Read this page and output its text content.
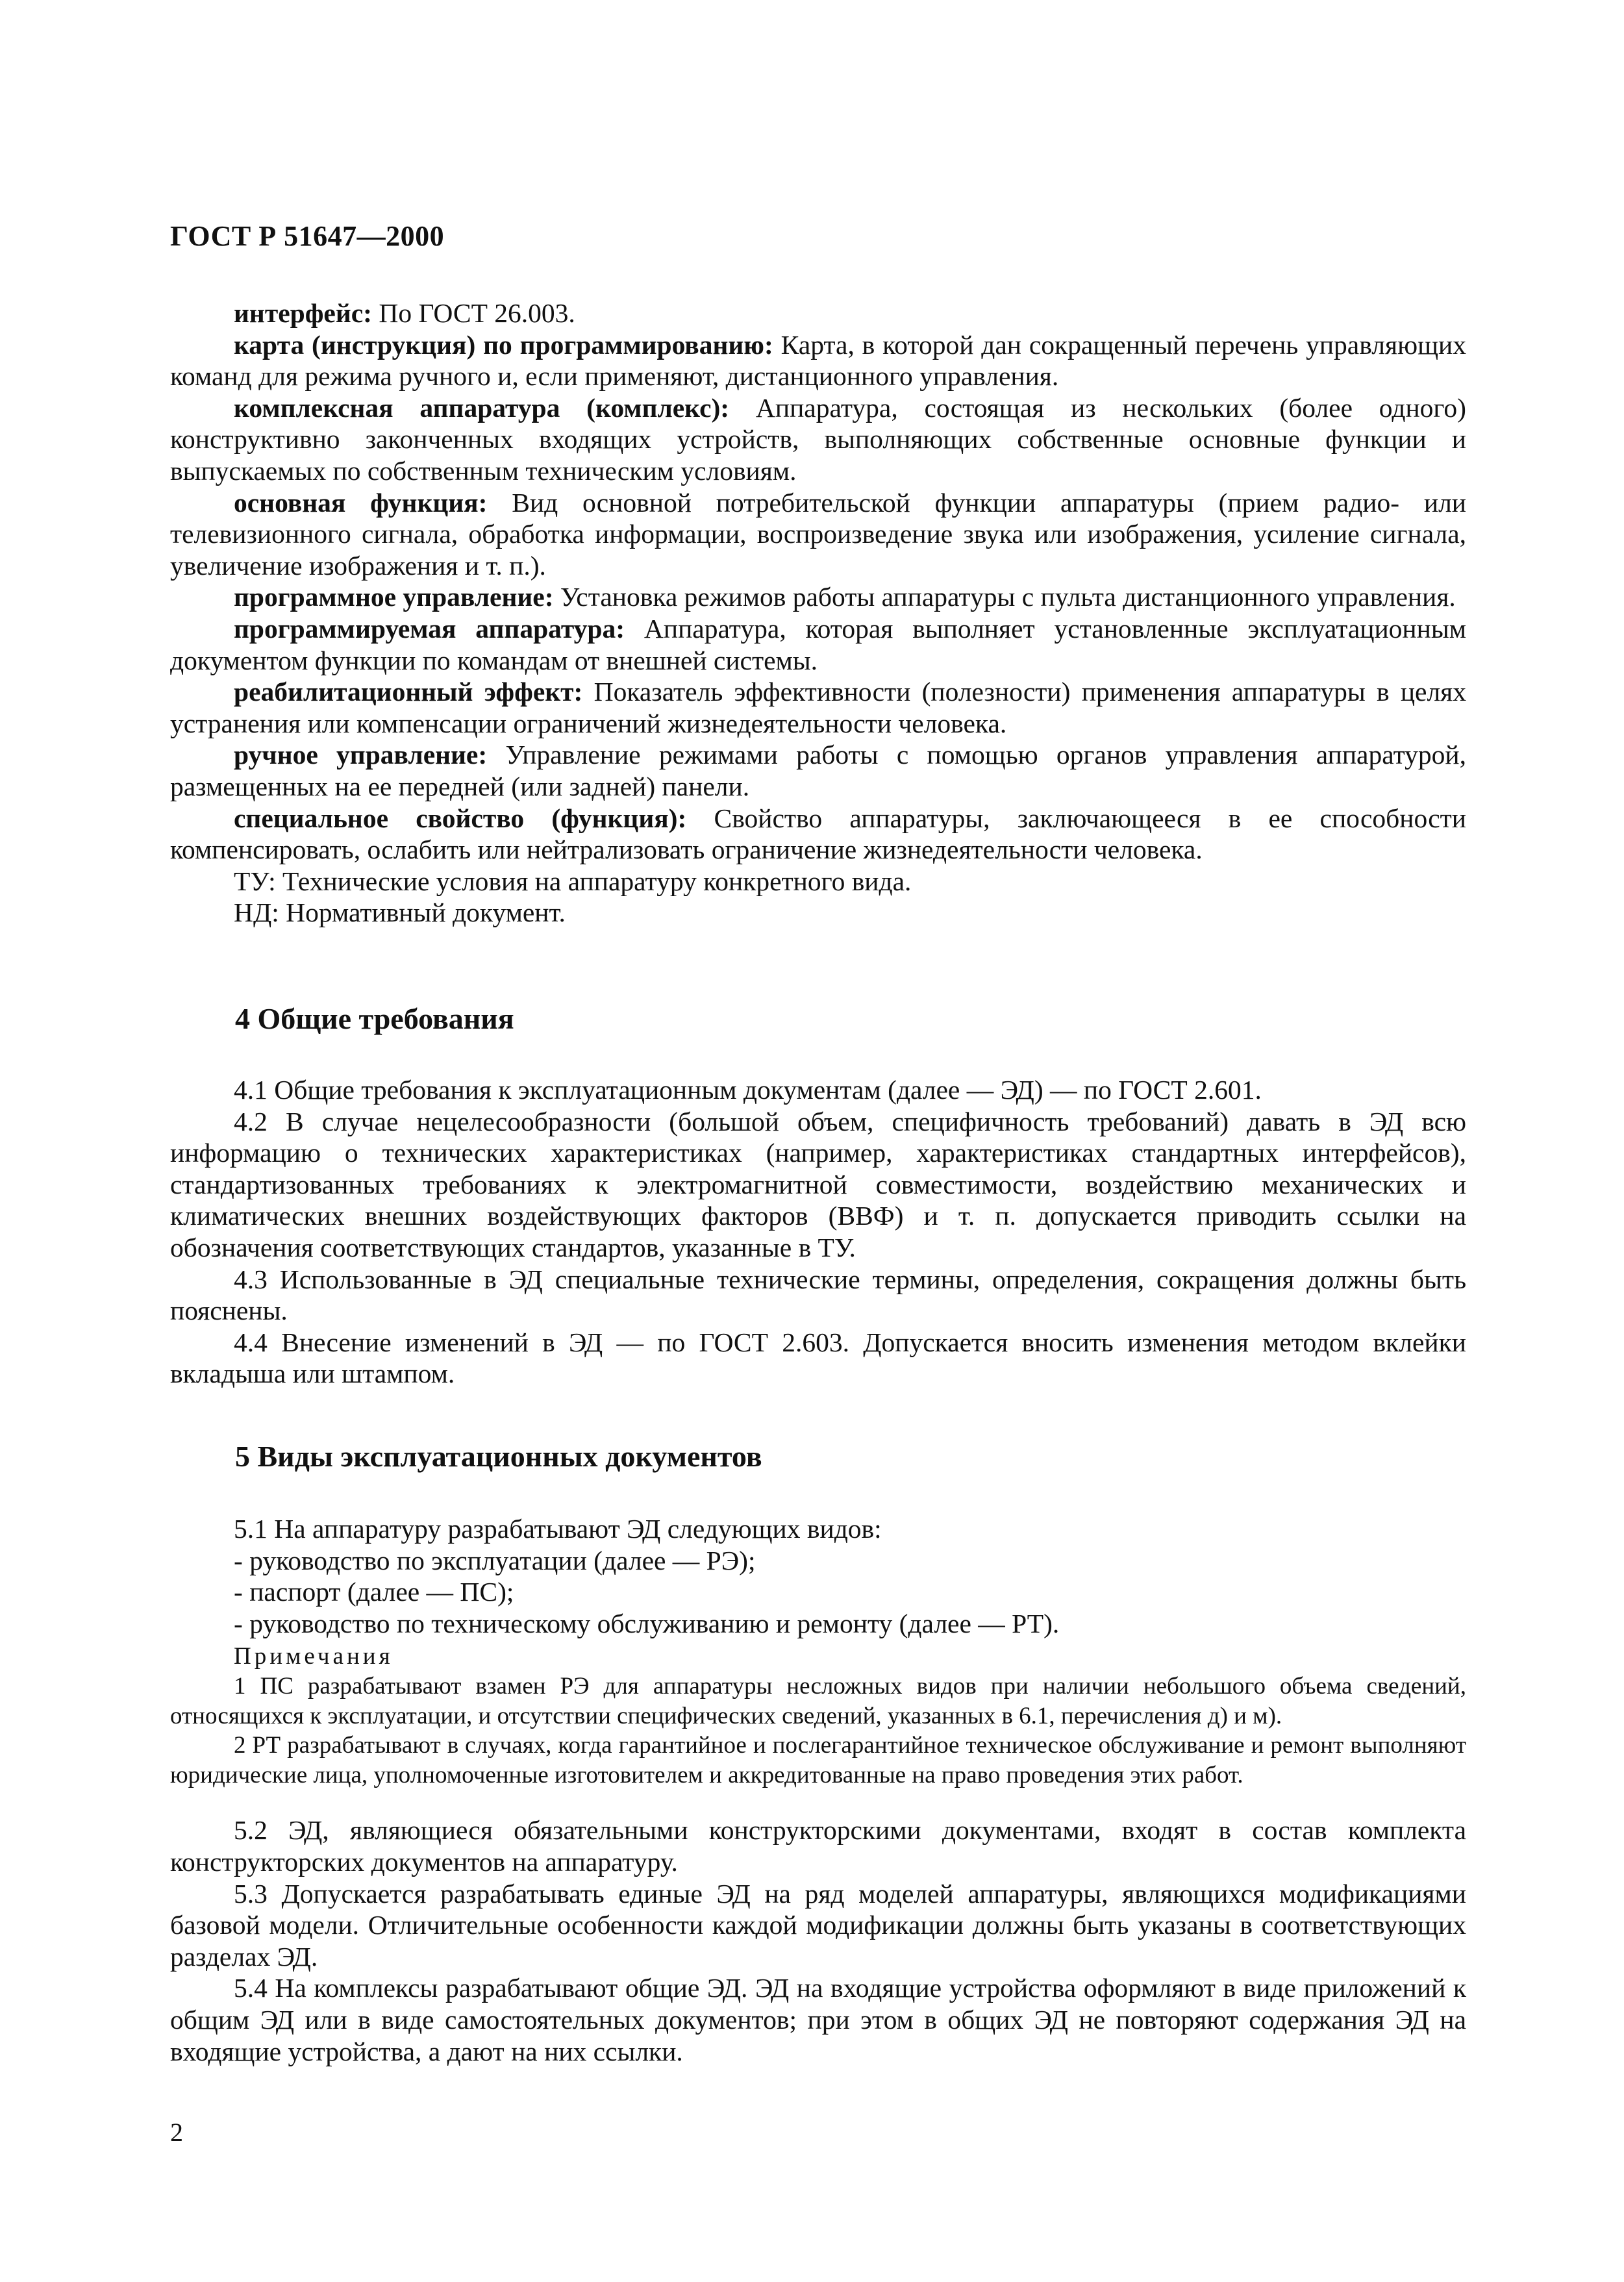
ГОСТ Р 51647—2000

интерфейс: По ГОСТ 26.003.

карта (инструкция) по программированию: Карта, в которой дан сокращенный перечень управляющих команд для режима ручного и, если применяют, дистанционного управления.

комплексная аппаратура (комплекс): Аппаратура, состоящая из нескольких (более одного) конструктивно законченных входящих устройств, выполняющих собственные основные функции и выпускаемых по собственным техническим условиям.

основная функция: Вид основной потребительской функции аппаратуры (прием радио- или телевизионного сигнала, обработка информации, воспроизведение звука или изображения, усиление сигнала, увеличение изображения и т. п.).

программное управление: Установка режимов работы аппаратуры с пульта дистанционного управления.

программируемая аппаратура: Аппаратура, которая выполняет установленные эксплуатационным документом функции по командам от внешней системы.

реабилитационный эффект: Показатель эффективности (полезности) применения аппаратуры в целях устранения или компенсации ограничений жизнедеятельности человека.

ручное управление: Управление режимами работы с помощью органов управления аппаратурой, размещенных на ее передней (или задней) панели.

специальное свойство (функция): Свойство аппаратуры, заключающееся в ее способности компенсировать, ослабить или нейтрализовать ограничение жизнедеятельности человека.

ТУ: Технические условия на аппаратуру конкретного вида.

НД: Нормативный документ.

4 Общие требования

4.1 Общие требования к эксплуатационным документам (далее — ЭД) — по ГОСТ 2.601.

4.2 В случае нецелесообразности (большой объем, специфичность требований) давать в ЭД всю информацию о технических характеристиках (например, характеристиках стандартных интерфейсов), стандартизованных требованиях к электромагнитной совместимости, воздействию механических и климатических внешних воздействующих факторов (ВВФ) и т. п. допускается приводить ссылки на обозначения соответствующих стандартов, указанные в ТУ.

4.3 Использованные в ЭД специальные технические термины, определения, сокращения должны быть пояснены.

4.4 Внесение изменений в ЭД — по ГОСТ 2.603. Допускается вносить изменения методом вклейки вкладыша или штампом.

5 Виды эксплуатационных документов

5.1 На аппаратуру разрабатывают ЭД следующих видов:

- руководство по эксплуатации (далее — РЭ);

- паспорт (далее — ПС);

- руководство по техническому обслуживанию и ремонту (далее — РТ).

Примечания

1 ПС разрабатывают взамен РЭ для аппаратуры несложных видов при наличии небольшого объема сведений, относящихся к эксплуатации, и отсутствии специфических сведений, указанных в 6.1, перечисления д) и м).

2 РТ разрабатывают в случаях, когда гарантийное и послегарантийное техническое обслуживание и ремонт выполняют юридические лица, уполномоченные изготовителем и аккредитованные на право проведения этих работ.

5.2 ЭД, являющиеся обязательными конструкторскими документами, входят в состав комплекта конструкторских документов на аппаратуру.

5.3 Допускается разрабатывать единые ЭД на ряд моделей аппаратуры, являющихся модификациями базовой модели. Отличительные особенности каждой модификации должны быть указаны в соответствующих разделах ЭД.

5.4 На комплексы разрабатывают общие ЭД. ЭД на входящие устройства оформляют в виде приложений к общим ЭД или в виде самостоятельных документов; при этом в общих ЭД не повторяют содержания ЭД на входящие устройства, а дают на них ссылки.

2
